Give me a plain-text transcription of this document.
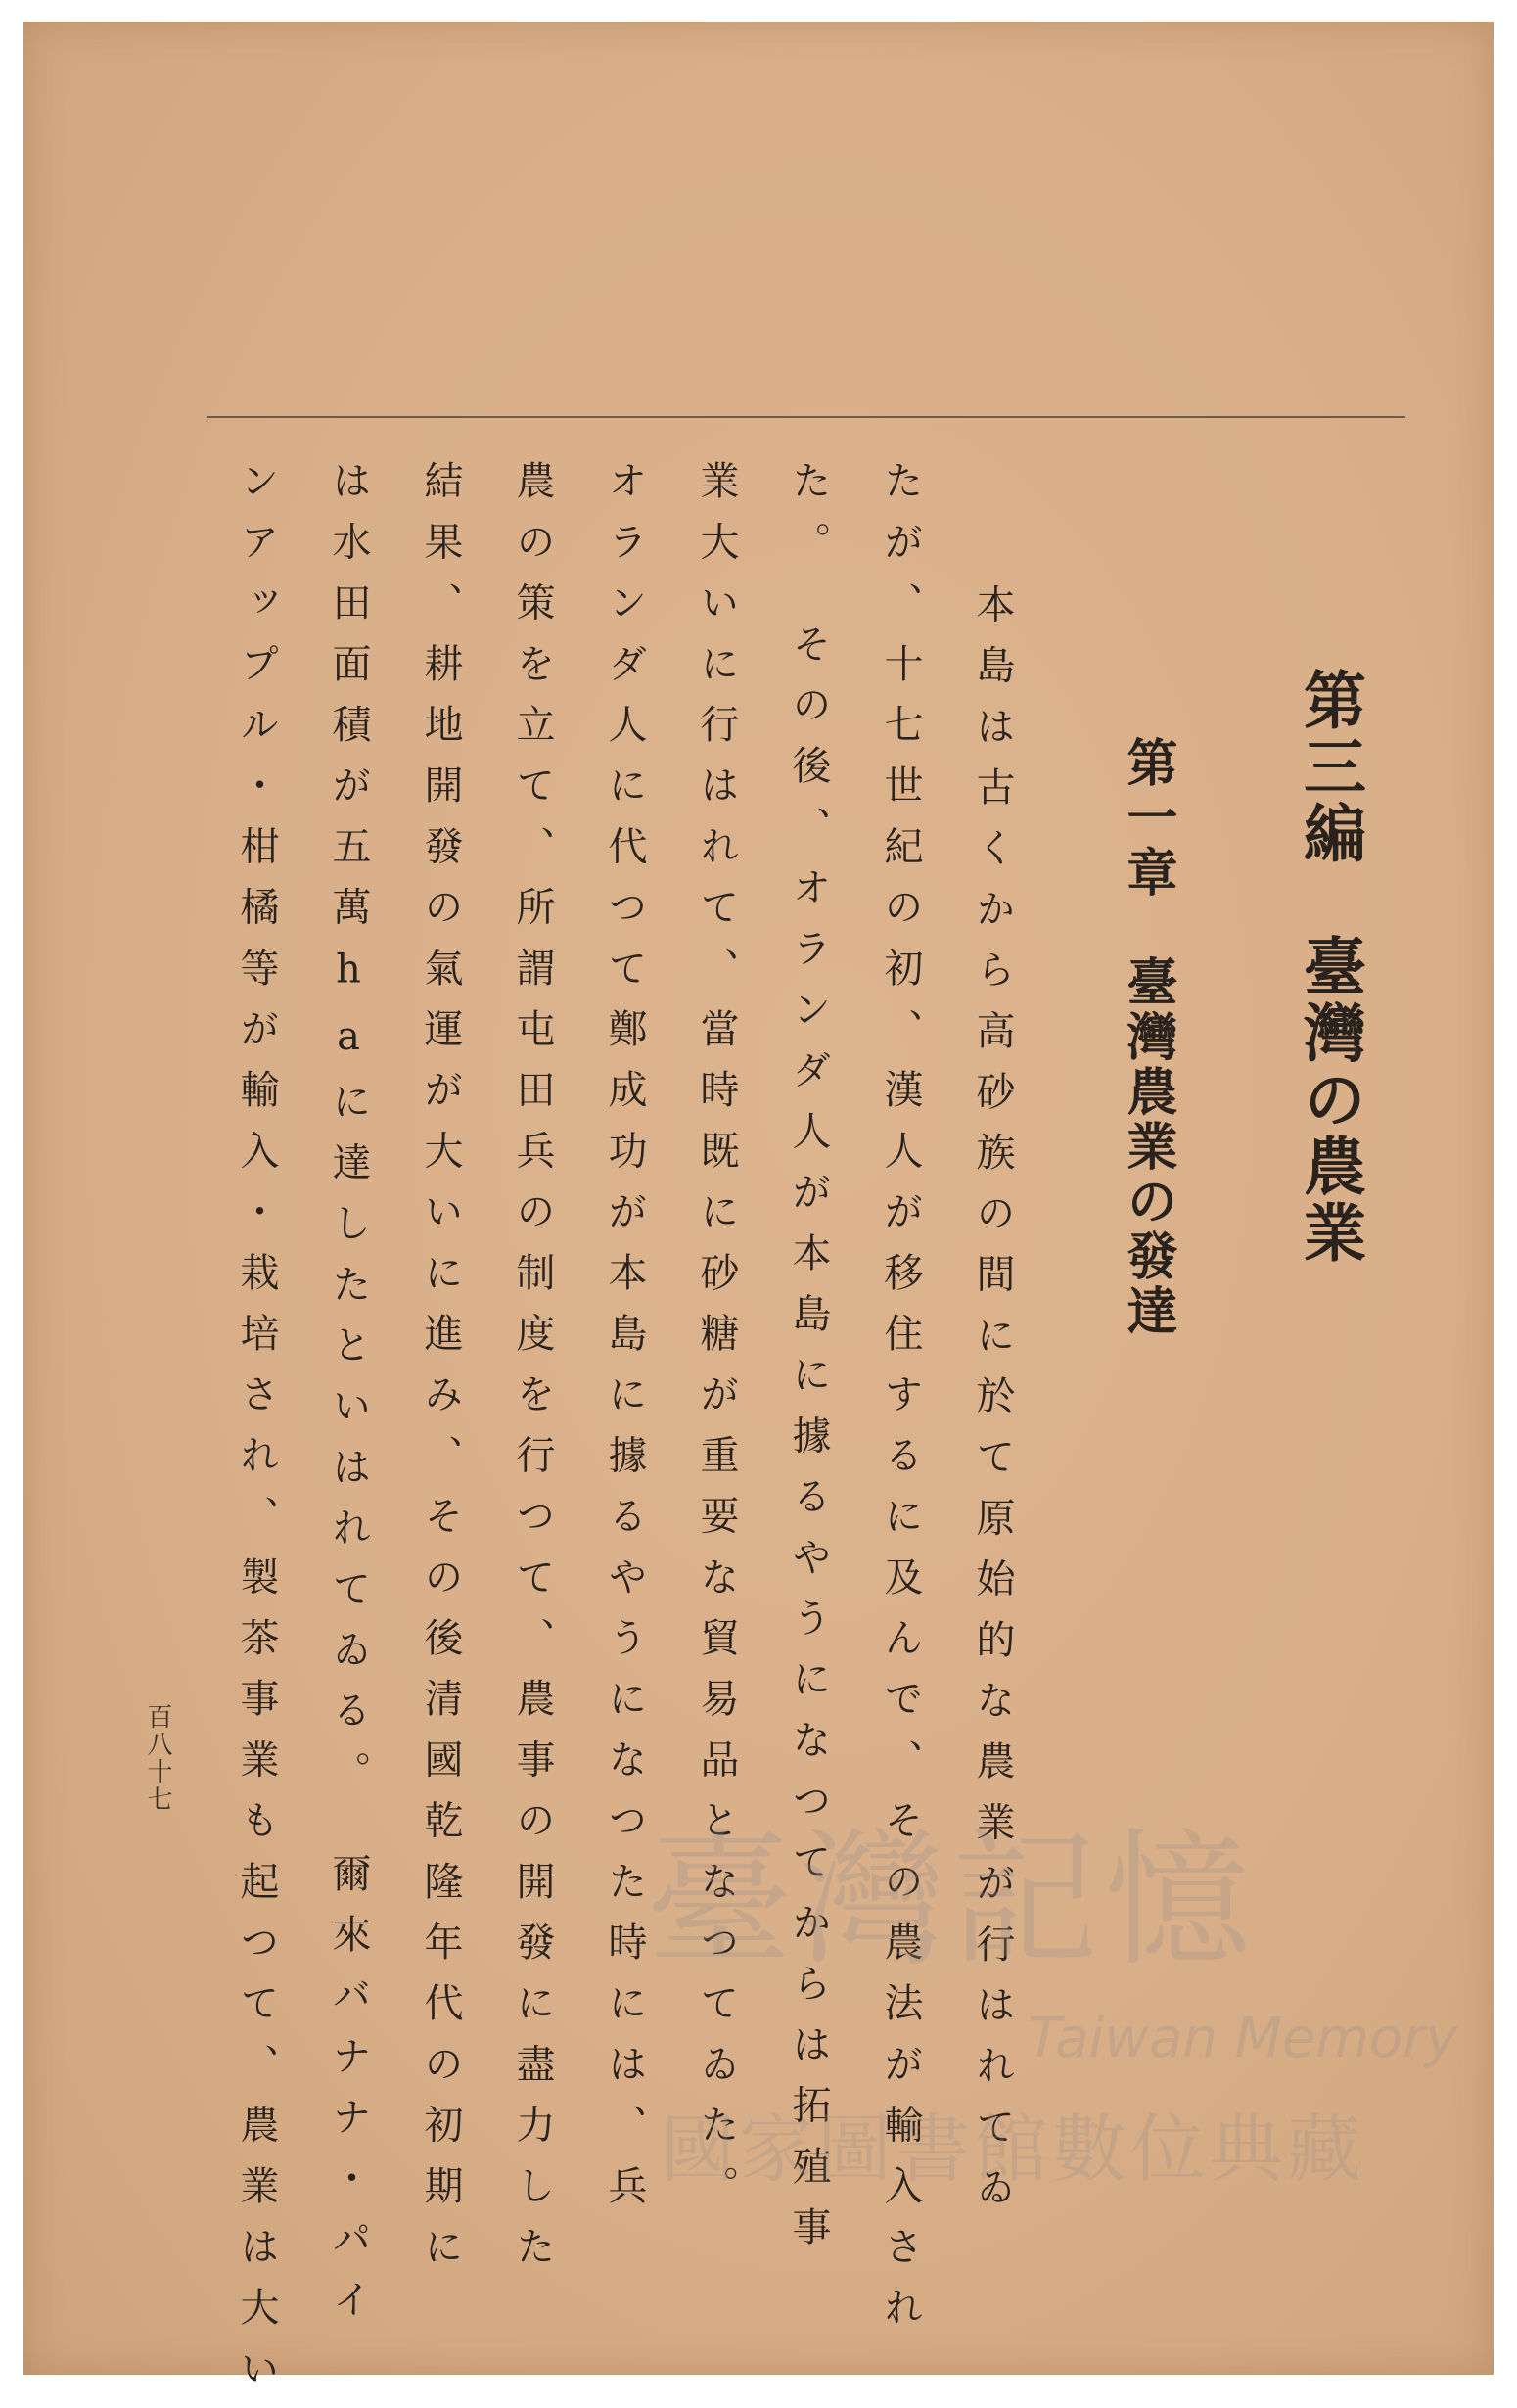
第三編　臺灣の農業
第一章　臺灣農業の發達
　本島は古くから高砂族の間に於て原始的な農業が行はれてゐ
たが、十七世紀の初、漢人が移住するに及んで、その農法が輸入され
た。　その後、オランダ人が本島に據るやうになつてからは拓殖事
業大いに行はれて、當時既に砂糖が重要な貿易品となつてゐた。
オランダ人に代つて鄭成功が本島に據るやうになつた時には、兵
農の策を立て、所謂屯田兵の制度を行つて、農事の開發に盡力した
結果、耕地開發の氣運が大いに進み、その後清國乾隆年代の初期に
は水田面積が五萬haに達したといはれてゐる。　爾來バナナ・パイ
ンアップル・柑橘等が輸入・栽培され、製茶事業も起つて、農業は大い
百八十七
臺灣記憶
Taiwan Memory
國家圖書館數位典藏
